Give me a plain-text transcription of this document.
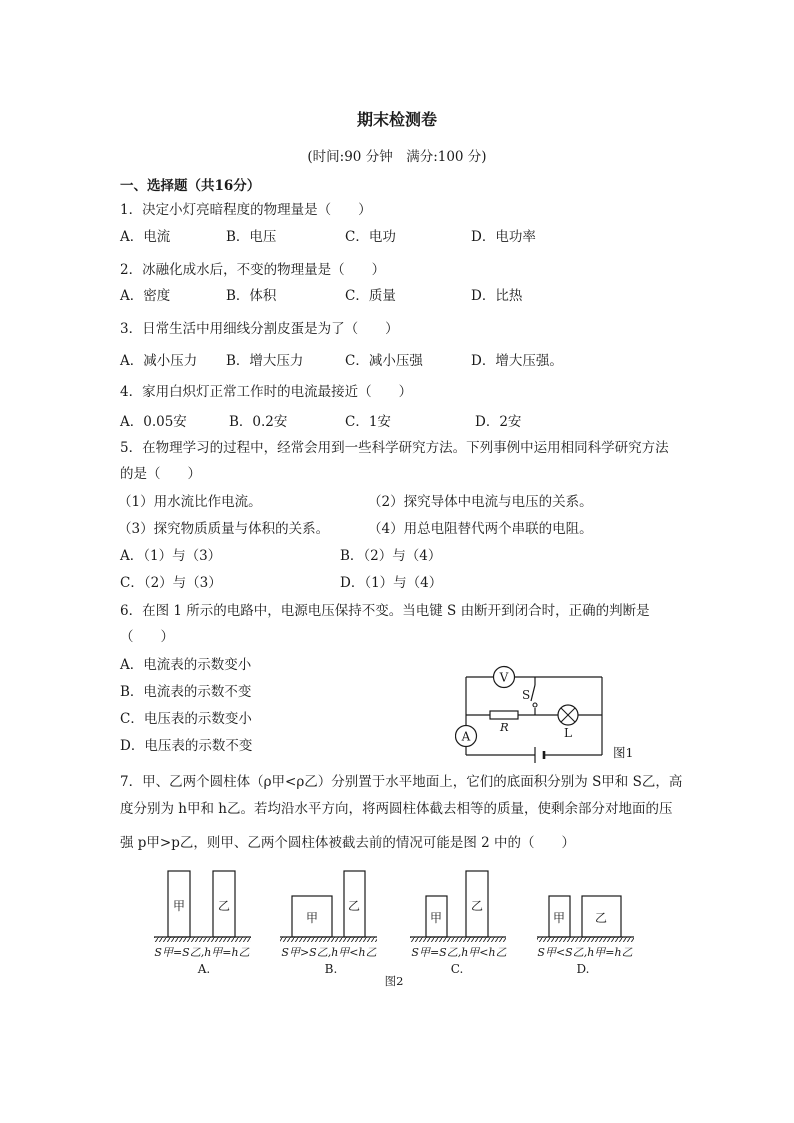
期末检测卷
(时间:90 分钟　满分:100 分)
一、选择题（共16分）
1．决定小灯亮暗程度的物理量是（　　）
A．电流	B．电压	C．电功	D．电功率
2．冰融化成水后，不变的物理量是（　　）
A．密度	B．体积	C．质量	D．比热
3．日常生活中用细线分割皮蛋是为了（　　）
A．减小压力 B．增大压力	C．减小压强	D．增大压强。
4．家用白炽灯正常工作时的电流最接近（　　）
A．0.05安	B．0.2安	C．1安	D．2安
5．在物理学习的过程中，经常会用到一些科学研究方法。下列事例中运用相同科学研究方法
的是（　　）
（1）用水流比作电流。	（2）探究导体中电流与电压的关系。
（3）探究物质质量与体积的关系。	（4）用总电阻替代两个串联的电阻。
A．（1）与（3）	B．（2）与（4）
C．（2）与（3）	D．（1）与（4）
6．在图 1 所示的电路中，电源电压保持不变。当电键 S 由断开到闭合时，正确的判断是
（　　）
A．电流表的示数变小
B．电流表的示数不变
C．电压表的示数变小
D．电压表的示数不变
V
A
S
R	L
图1
7．甲、乙两个圆柱体（ρ甲<ρ乙）分别置于水平地面上，它们的底面积分别为 S甲和 S乙，高
度分别为 h甲和 h乙。若均沿水平方向，将两圆柱体截去相等的质量，使剩余部分对地面的压
强 p甲>p乙，则甲、乙两个圆柱体被截去前的情况可能是图 2 中的（　　）
甲	乙
S甲=S乙,h甲=h乙
A.
甲
乙
S甲>S乙,h甲<h乙
B.
甲
乙
S甲=S乙,h甲<h乙
C.
甲 乙
S甲<S乙,h甲=h乙
D.
图2
